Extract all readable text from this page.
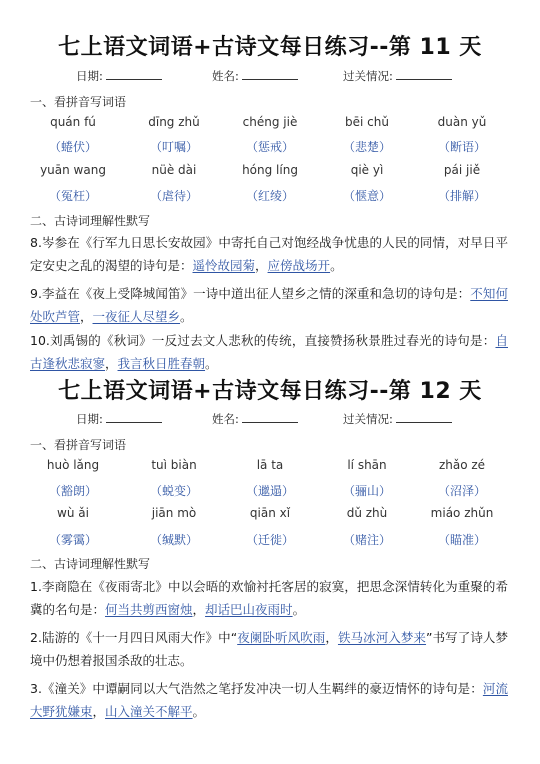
七上语文词语+古诗文每日练习--第 11 天
日期:	姓名:	过关情况:
一、看拼音写词语
quán fú	dīng zhǔ	chéng jiè	bēi chǔ	duàn yǔ
（蜷伏）	（叮嘱）	（惩戒）	（悲楚）	（断语）
yuān wang	nüè dài	hóng líng	qiè yì	pái jiě
（冤枉）	（虐待）	（红绫）	（惬意）	（排解）
二、古诗词理解性默写
8.岑参在《行军九日思长安故园》中寄托自己对饱经战争忧患的人民的同情，对早日平定安史之乱的渴望的诗句是：遥怜故园菊，应傍战场开。
9.李益在《夜上受降城闻笛》一诗中道出征人望乡之情的深重和急切的诗句是：不知何处吹芦管，一夜征人尽望乡。
10.刘禹锡的《秋词》一反过去文人悲秋的传统，直接赞扬秋景胜过春光的诗句是：自古逢秋悲寂寥，我言秋日胜春朝。
七上语文词语+古诗文每日练习--第 12 天
日期:	姓名:	过关情况:
一、看拼音写词语
huò lǎng	tuì biàn	lā ta	lí shān	zhǎo zé
（豁朗）	（蜕变）	（邋遢）	（骊山）	（沼泽）
wù ǎi	jiān mò	qiān xǐ	dǔ zhù	miáo zhǔn
（雾霭）	（缄默）	（迁徙）	（赌注）	（瞄准）
二、古诗词理解性默写
1.李商隐在《夜雨寄北》中以会晤的欢愉衬托客居的寂寞，把思念深情转化为重聚的希冀的名句是：何当共剪西窗烛，却话巴山夜雨时。
2.陆游的《十一月四日风雨大作》中“夜阑卧听风吹雨，铁马冰河入梦来”书写了诗人梦境中仍想着报国杀敌的壮志。
3.《潼关》中谭嗣同以大气浩然之笔抒发冲决一切人生羁绊的豪迈情怀的诗句是：河流大野犹嫌束，山入潼关不解平。
